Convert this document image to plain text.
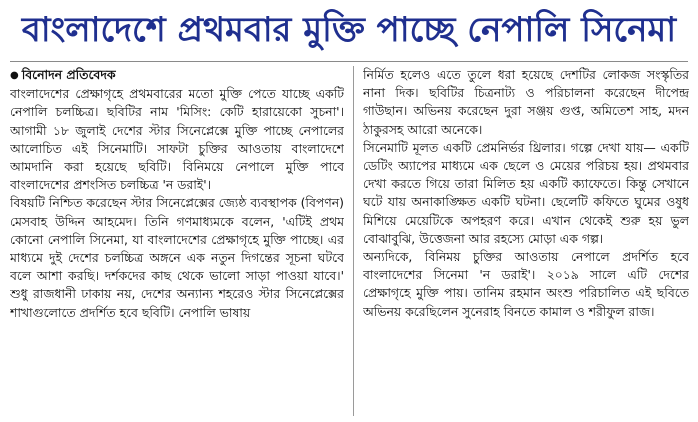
বাংলাদেশে প্রথমবার মুক্তি পাচ্ছে নেপালি সিনেমা
● বিনোদন প্রতিবেদক

বাংলাদেশের প্রেক্ষাগৃহে প্রথমবারের মতো মুক্তি পেতে যাচ্ছে একটি নেপালি চলচ্চিত্র। ছবিটির নাম 'মিসিং: কেটি হারায়েকো সুচনা'। আগামী ১৮ জুলাই দেশের স্টার সিনেপ্লেক্সে মুক্তি পাচ্ছে নেপালের আলোচিত এই সিনেমাটি। সাফটা চুক্তির আওতায় বাংলাদেশে আমদানি করা হয়েছে ছবিটি। বিনিময়ে নেপালে মুক্তি পাবে বাংলাদেশের প্রশংসিত চলচ্চিত্র 'ন ডরাই'।

বিষয়টি নিশ্চিত করেছেন স্টার সিনেপ্লেক্সের জ্যেষ্ঠ ব্যবস্থাপক (বিপণন) মেসবাহ উদ্দিন আহমেদ। তিনি গণমাধ্যমকে বলেন, 'এটিই প্রথম কোনো নেপালি সিনেমা, যা বাংলাদেশের প্রেক্ষাগৃহে মুক্তি পাচ্ছে। এর মাধ্যমে দুই দেশের চলচ্চিত্র অঙ্গনে এক নতুন দিগন্তের সূচনা ঘটবে বলে আশা করছি। দর্শকদের কাছ থেকে ভালো সাড়া পাওয়া যাবে।' শুধু রাজধানী ঢাকায় নয়, দেশের অন্যান্য শহরেও স্টার সিনেপ্লেক্সের শাখাগুলোতে প্রদর্শিত হবে ছবিটি। নেপালি ভাষায়

নির্মিত হলেও এতে তুলে ধরা হয়েছে দেশটির লোকজ সংস্কৃতির নানা দিক। ছবিটির চিত্রনাট্য ও পরিচালনা করেছেন দীপেন্দ্র গাউছান। অভিনয় করেছেন দুরা সঞ্জয় গুপ্ত, অমিতেশ সাহ, মদন ঠাকুরসহ আরো অনেকে।

সিনেমাটি মূলত একটি প্রেমনির্ভর থ্রিলার। গল্পে দেখা যায়— একটি ডেটিং অ্যাপের মাধ্যমে এক ছেলে ও মেয়ের পরিচয় হয়। প্রথমবার দেখা করতে গিয়ে তারা মিলিত হয় একটি ক্যাফেতে। কিন্তু সেখানে ঘটে যায় অনাকাঙ্ক্ষিত একটি ঘটনা। ছেলেটি কফিতে ঘুমের ওষুধ মিশিয়ে মেয়েটিকে অপহরণ করে। এখান থেকেই শুরু হয় ভুল বোঝাবুঝি, উত্তেজনা আর রহস্যে মোড়া এক গল্প।

অন্যদিকে, বিনিময় চুক্তির আওতায় নেপালে প্রদর্শিত হবে বাংলাদেশের সিনেমা 'ন ডরাই'। ২০১৯ সালে এটি দেশের প্রেক্ষাগৃহে মুক্তি পায়। তানিম রহমান অংশু পরিচালিত এই ছবিতে অভিনয় করেছিলেন সুনেরাহ বিনতে কামাল ও শরীফুল রাজ।
